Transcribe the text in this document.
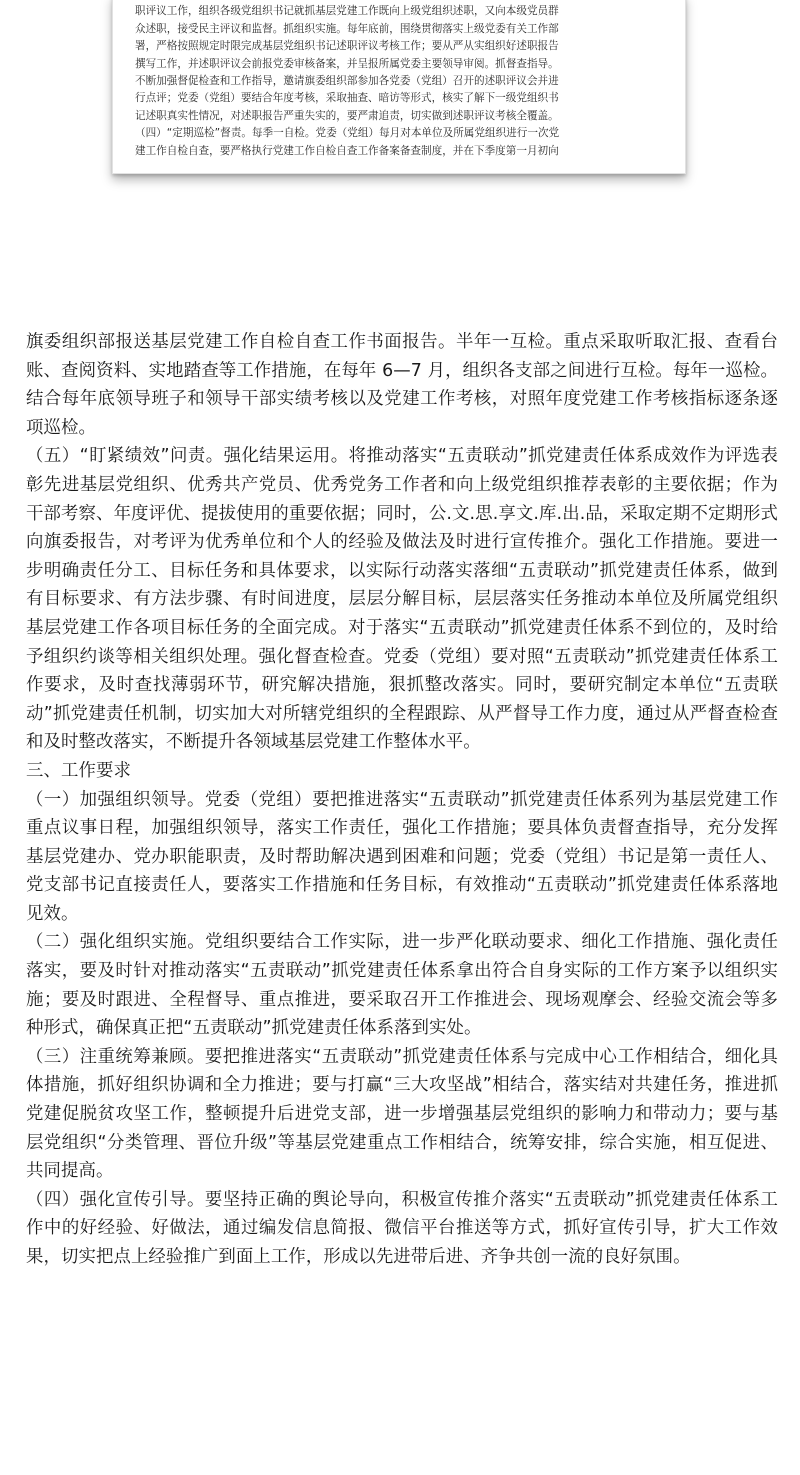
职评议工作，组织各级党组织书记就抓基层党建工作既向上级党组织述职，又向本级党员群

众述职，接受民主评议和监督。抓组织实施。每年底前，围绕贯彻落实上级党委有关工作部

署，严格按照规定时限完成基层党组织书记述职评议考核工作；要从严从实组织好述职报告

撰写工作，并述职评议会前报党委审核备案，并呈报所属党委主要领导审阅。抓督查指导。

不断加强督促检查和工作指导，邀请旗委组织部参加各党委（党组）召开的述职评议会并进

行点评；党委（党组）要结合年度考核，采取抽查、暗访等形式，核实了解下一级党组织书

记述职真实性情况，对述职报告严重失实的，要严肃追责，切实做到述职评议考核全覆盖。

（四）“定期巡检”督责。每季一自检。党委（党组）每月对本单位及所属党组织进行一次党

建工作自检自查，要严格执行党建工作自检自查工作备案备查制度，并在下季度第一月初向

旗委组织部报送基层党建工作自检自查工作书面报告。半年一互检。重点采取听取汇报、查看台账、查阅资料、实地踏查等工作措施，在每年 6—7 月，组织各支部之间进行互检。每年一巡检。结合每年底领导班子和领导干部实绩考核以及党建工作考核，对照年度党建工作考核指标逐条逐项巡检。

（五）“盯紧绩效”问责。强化结果运用。将推动落实“五责联动”抓党建责任体系成效作为评选表彰先进基层党组织、优秀共产党员、优秀党务工作者和向上级党组织推荐表彰的主要依据；作为干部考察、年度评优、提拔使用的重要依据；同时，公.文.思.享文.库.出.品，采取定期不定期形式向旗委报告，对考评为优秀单位和个人的经验及做法及时进行宣传推介。强化工作措施。要进一步明确责任分工、目标任务和具体要求，以实际行动落实落细“五责联动”抓党建责任体系，做到有目标要求、有方法步骤、有时间进度，层层分解目标，层层落实任务推动本单位及所属党组织基层党建工作各项目标任务的全面完成。对于落实“五责联动”抓党建责任体系不到位的，及时给予组织约谈等相关组织处理。强化督查检查。党委（党组）要对照“五责联动”抓党建责任体系工作要求，及时查找薄弱环节，研究解决措施，狠抓整改落实。同时，要研究制定本单位“五责联动”抓党建责任机制，切实加大对所辖党组织的全程跟踪、从严督导工作力度，通过从严督查检查和及时整改落实，不断提升各领域基层党建工作整体水平。

三、工作要求

（一）加强组织领导。党委（党组）要把推进落实“五责联动”抓党建责任体系列为基层党建工作重点议事日程，加强组织领导，落实工作责任，强化工作措施；要具体负责督查指导，充分发挥基层党建办、党办职能职责，及时帮助解决遇到困难和问题；党委（党组）书记是第一责任人、党支部书记直接责任人，要落实工作措施和任务目标，有效推动“五责联动”抓党建责任体系落地见效。

（二）强化组织实施。党组织要结合工作实际，进一步严化联动要求、细化工作措施、强化责任落实，要及时针对推动落实“五责联动”抓党建责任体系拿出符合自身实际的工作方案予以组织实施；要及时跟进、全程督导、重点推进，要采取召开工作推进会、现场观摩会、经验交流会等多种形式，确保真正把“五责联动”抓党建责任体系落到实处。

（三）注重统筹兼顾。要把推进落实“五责联动”抓党建责任体系与完成中心工作相结合，细化具体措施，抓好组织协调和全力推进；要与打赢“三大攻坚战”相结合，落实结对共建任务，推进抓党建促脱贫攻坚工作，整顿提升后进党支部，进一步增强基层党组织的影响力和带动力；要与基层党组织“分类管理、晋位升级”等基层党建重点工作相结合，统筹安排，综合实施，相互促进、共同提高。

（四）强化宣传引导。要坚持正确的舆论导向，积极宣传推介落实“五责联动”抓党建责任体系工作中的好经验、好做法，通过编发信息简报、微信平台推送等方式，抓好宣传引导，扩大工作效果，切实把点上经验推广到面上工作，形成以先进带后进、齐争共创一流的良好氛围。
